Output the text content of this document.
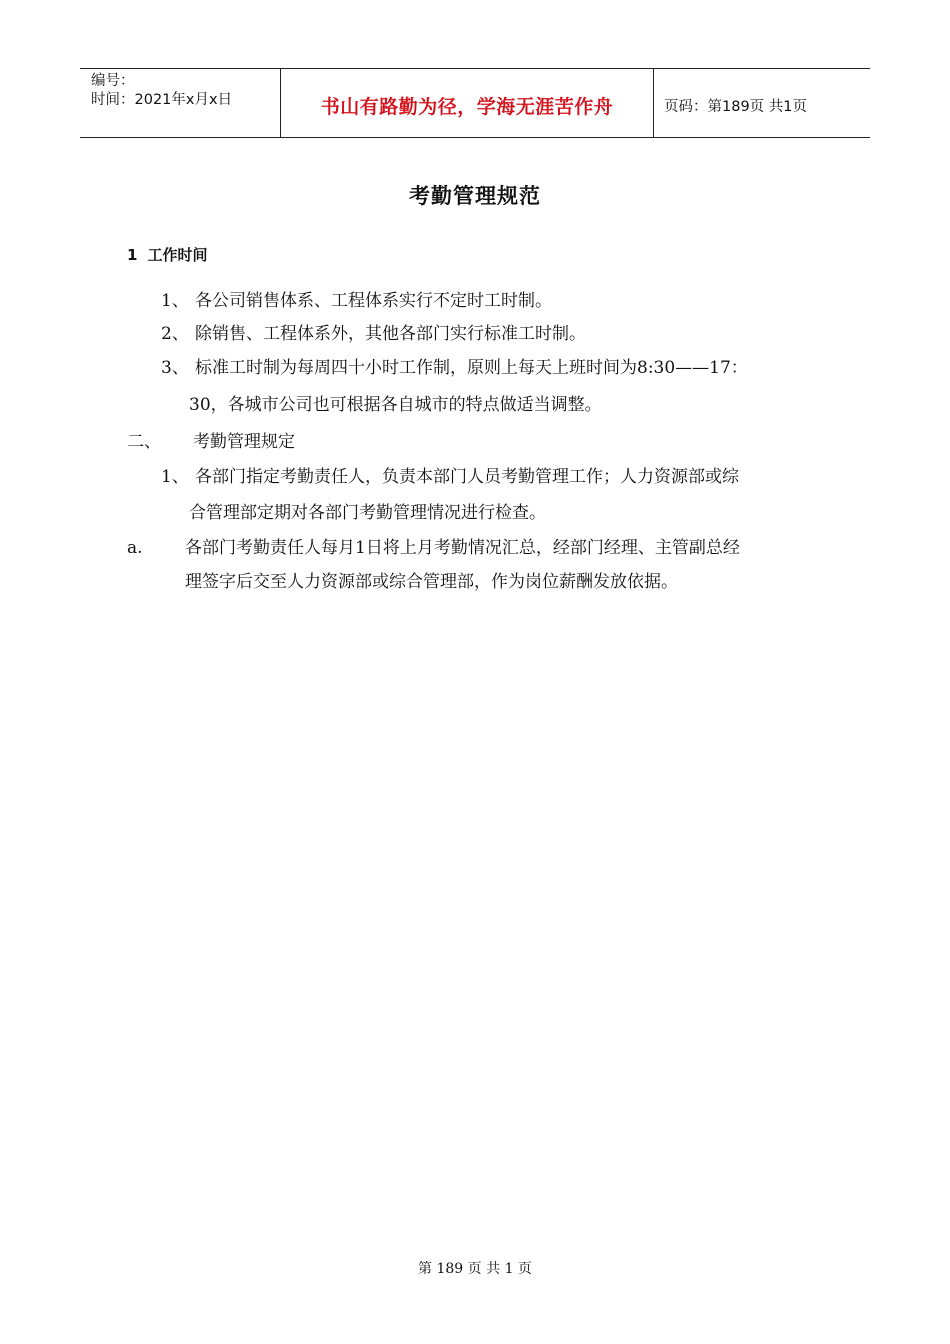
编号：
时间：2021年x月x日	书山有路勤为径，学海无涯苦作舟	页码：第189页 共1页
考勤管理规范
1 工作时间
1、 各公司销售体系、工程体系实行不定时工时制。
2、 除销售、工程体系外，其他各部门实行标准工时制。
3、 标准工时制为每周四十小时工作制，原则上每天上班时间为8:30——17：
30，各城市公司也可根据各自城市的特点做适当调整。
二、 考勤管理规定
1、 各部门指定考勤责任人，负责本部门人员考勤管理工作；人力资源部或综
合管理部定期对各部门考勤管理情况进行检查。
a. 各部门考勤责任人每月1日将上月考勤情况汇总，经部门经理、主管副总经
理签字后交至人力资源部或综合管理部，作为岗位薪酬发放依据。
第 189 页 共 1 页
